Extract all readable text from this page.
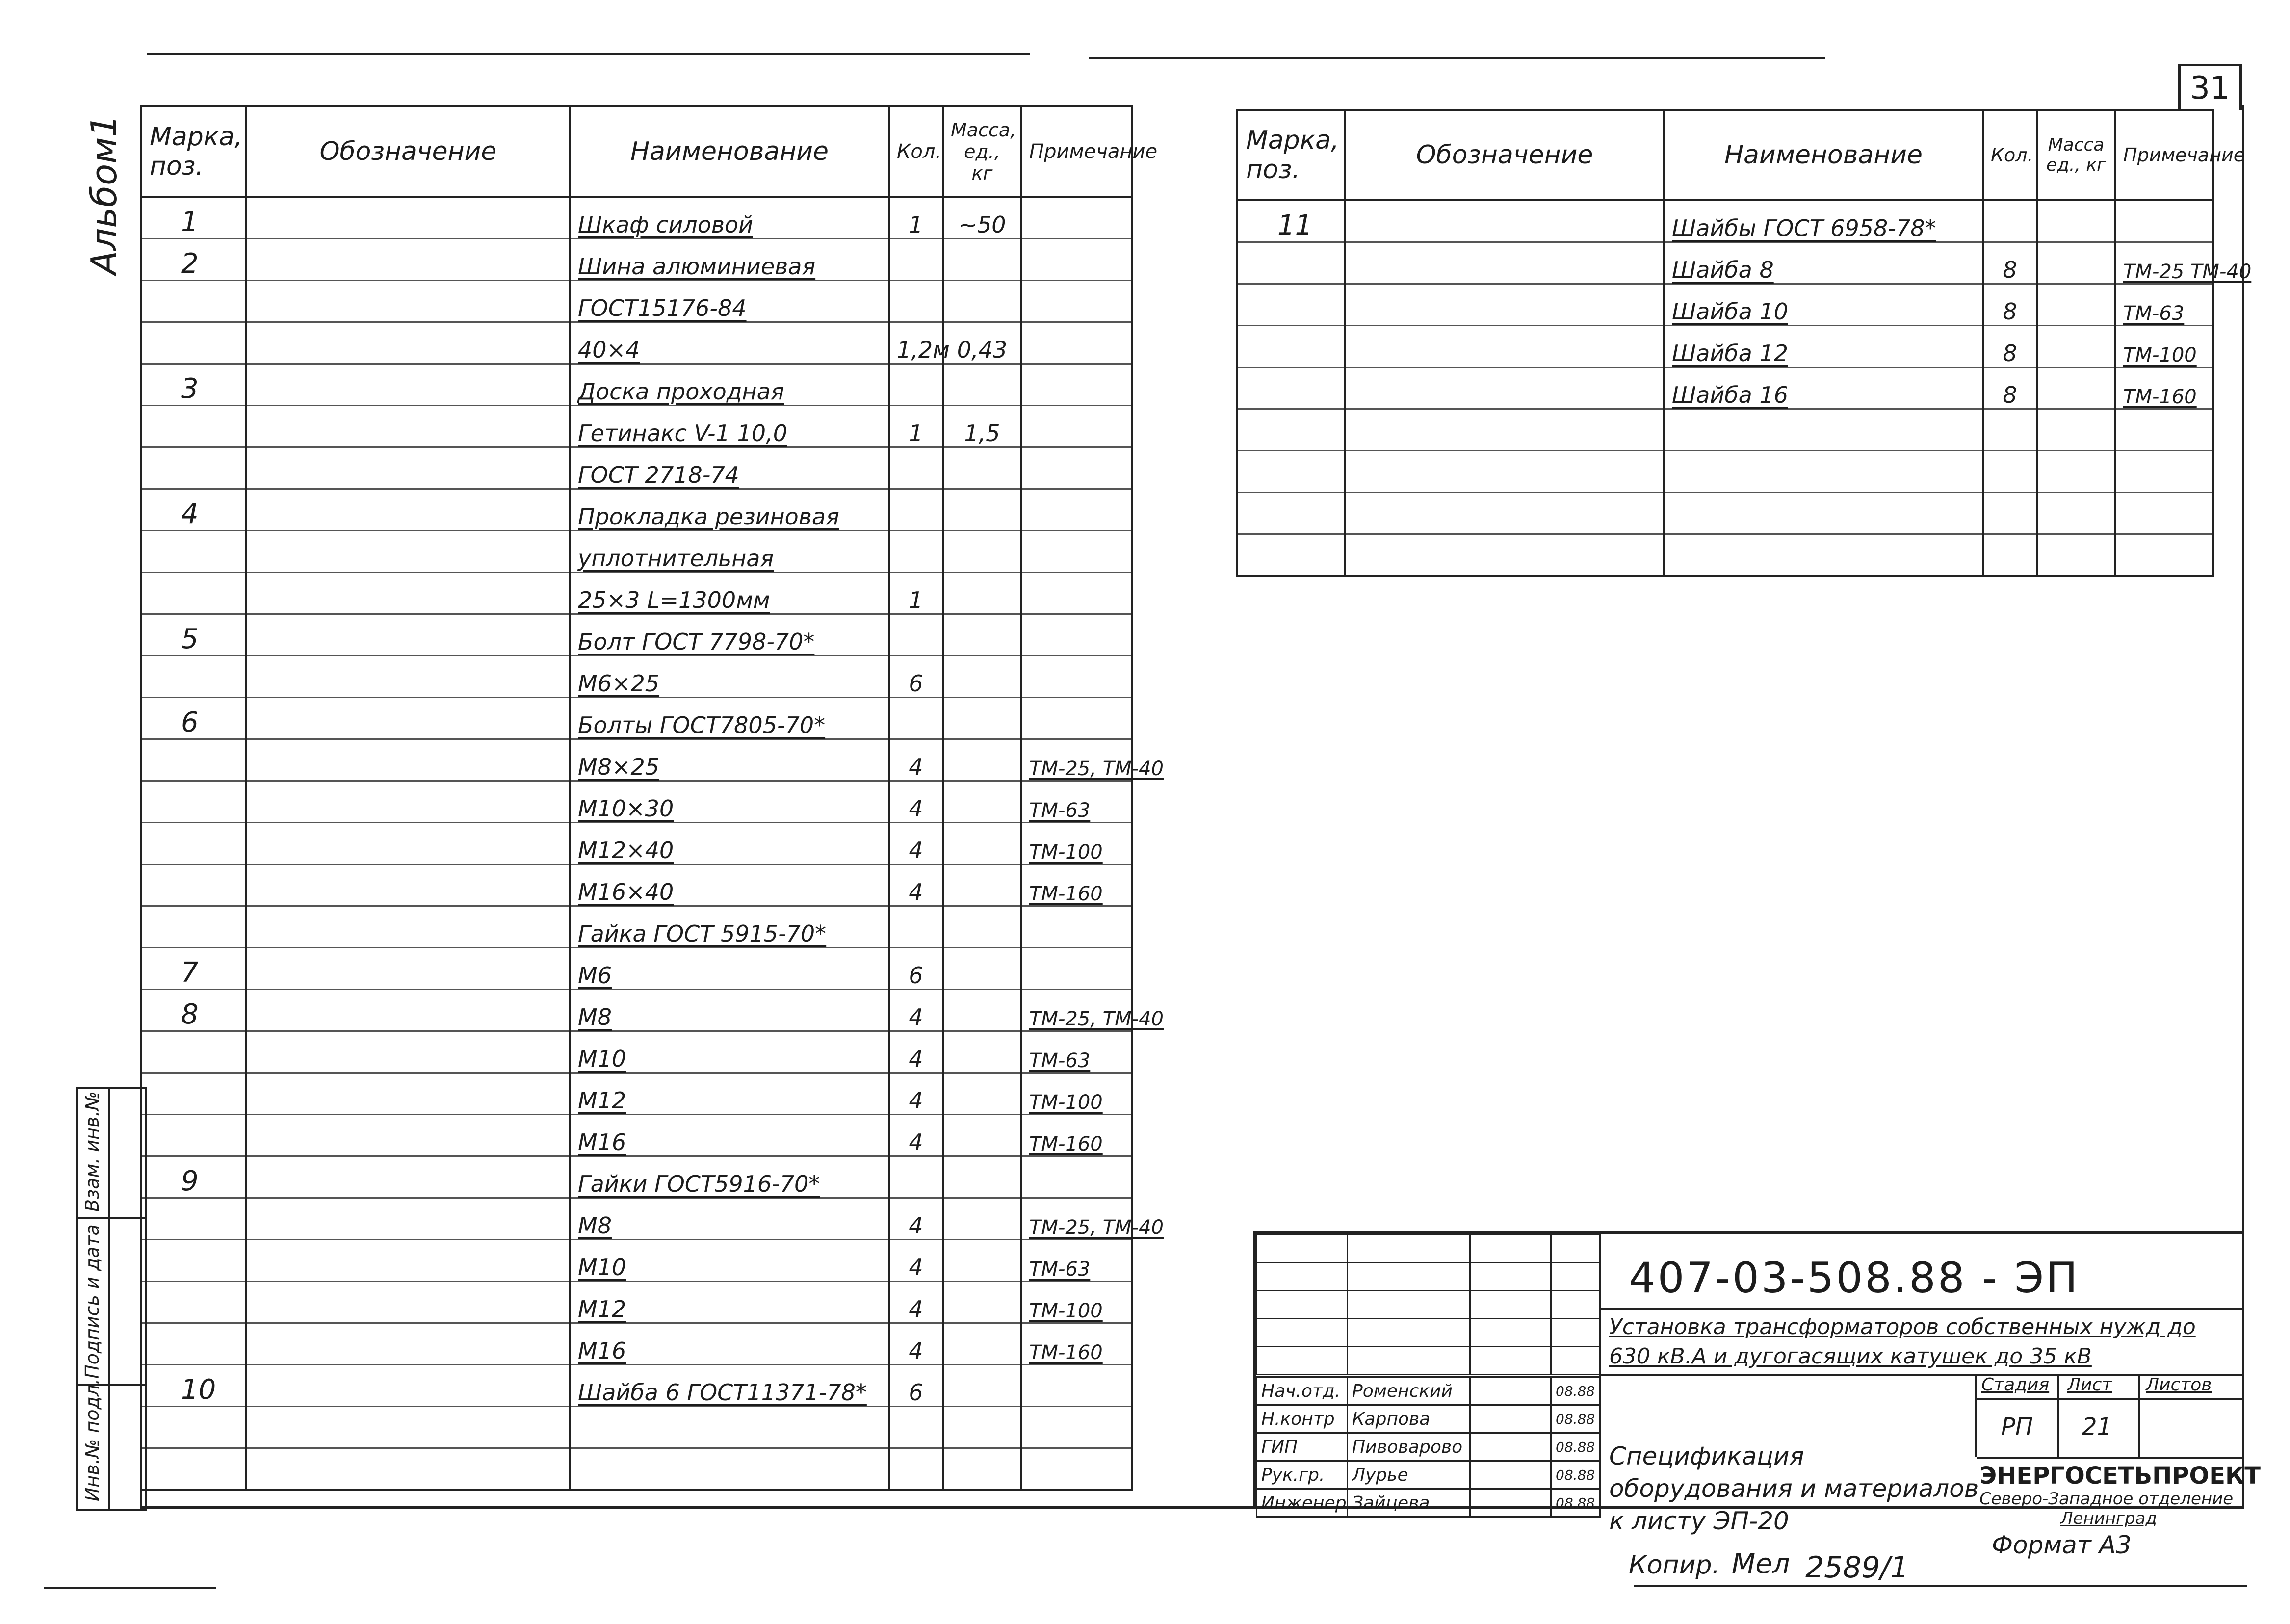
31
Альбом1 Марка, поз.	Обозначение	Наименование	Кол.	Масса, ед., кг	Примечание
1		Шкаф силовой	1	~50	
2		Шина алюминиевая			
		ГОСТ15176-84			
		40×4	1,2м	0,43	
3		Доска проходная			
		Гетинакс V-1 10,0	1	1,5	
		ГОСТ 2718-74			
4		Прокладка резиновая			
		уплотнительная			
		25×3 L=1300мм	1		
5		Болт ГОСТ 7798-70*			
		М6×25	6		
6		Болты ГОСТ7805-70*			
		М8×25	4		ТМ-25, ТМ-40
		М10×30	4		ТМ-63
		М12×40	4		ТМ-100
		М16×40	4		ТМ-160
		Гайка ГОСТ 5915-70*			
7		М6	6		
8		М8	4		ТМ-25, ТМ-40
		М10	4		ТМ-63
		М12	4		ТМ-100
		М16	4		ТМ-160
9		Гайки ГОСТ5916-70*			
		М8	4		ТМ-25, ТМ-40
		М10	4		ТМ-63
		М12	4		ТМ-100
		М16	4		ТМ-160
10		Шайба 6 ГОСТ11371-78*	6		

Марка, поз.	Обозначение	Наименование	Кол.	Масса ед., кг	Примечание
11		Шайбы ГОСТ 6958-78*			
		Шайба 8	8		ТМ-25 ТМ-40
		Шайба 10	8		ТМ-63
		Шайба 12	8		ТМ-100
		Шайба 16	8		ТМ-160

Взам. инв.№
Подпись и дата
Инв.№ подл.

				Нач.отд.	Роменский		08.88
Н.контр	Карпова		08.88
ГИП	Пивоварово		08.88
Рук.гр.	Лурье		08.88
Инженер	Зайцева		08.88
407-03-508.88 - ЭП
Установка трансформаторов собственных нужд до 630 кВ.А и дугогасящих катушек до 35 кВ
Спецификация оборудования и материалов к листу ЭП-20
Стадия Лист Листов
РП 21
ЭНЕРГОСЕТЬПРОЕКТ
Северо-Западное отделение
Ленинград
Копир. Мел 2589/1
Формат А3
